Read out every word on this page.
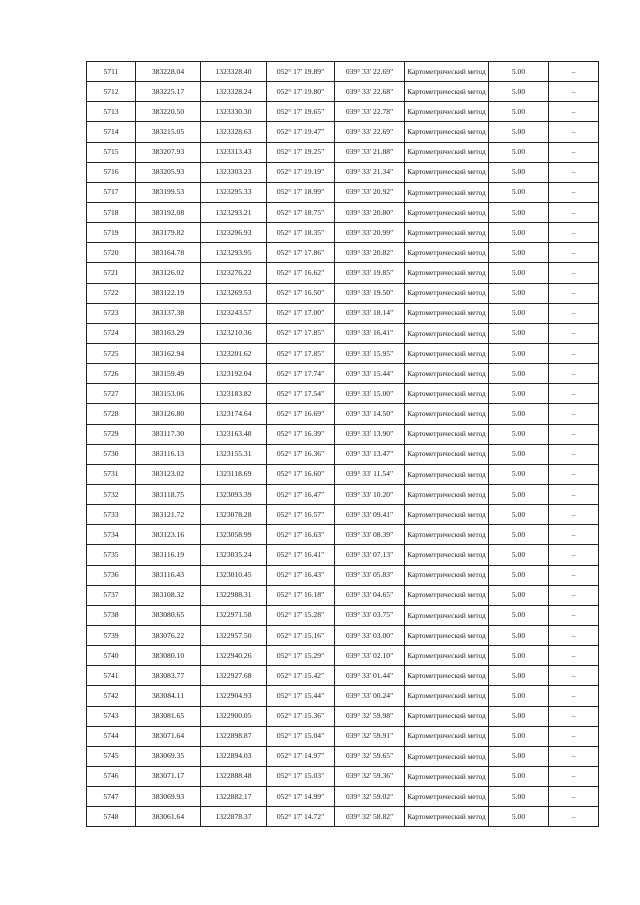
5711	383228.04	1323328.40	052° 17' 19.89"	039° 33' 22.69"	Картометрический метод	5.00	–
5712	383225.17	1323328.24	052° 17' 19.80"	039° 33' 22.68"	Картометрический метод	5.00	–
5713	383220.50	1323330.30	052° 17' 19.65"	039° 33' 22.78"	Картометрический метод	5.00	–
5714	383215.05	1323328.63	052° 17' 19.47"	039° 33' 22.69"	Картометрический метод	5.00	–
5715	383207.93	1323313.43	052° 17' 19.25"	039° 33' 21.88"	Картометрический метод	5.00	–
5716	383205.93	1323303.23	052° 17' 19.19"	039° 33' 21.34"	Картометрический метод	5.00	–
5717	383199.53	1323295.33	052° 17' 18.99"	039° 33' 20.92"	Картометрический метод	5.00	–
5718	383192.08	1323293.21	052° 17' 18.75"	039° 33' 20.80"	Картометрический метод	5.00	–
5719	383179.82	1323296.93	052° 17' 18.35"	039° 33' 20.99"	Картометрический метод	5.00	–
5720	383164.78	1323293.95	052° 17' 17.86"	039° 33' 20.82"	Картометрический метод	5.00	–
5721	383126.02	1323276.22	052° 17' 16.62"	039° 33' 19.85"	Картометрический метод	5.00	–
5722	383122.19	1323269.53	052° 17' 16.50"	039° 33' 19.50"	Картометрический метод	5.00	–
5723	383137.38	1323243.57	052° 17' 17.00"	039° 33' 18.14"	Картометрический метод	5.00	–
5724	383163.29	1323210.36	052° 17' 17.85"	039° 33' 16.41"	Картометрический метод	5.00	–
5725	383162.94	1323201.62	052° 17' 17.85"	039° 33' 15.95"	Картометрический метод	5.00	–
5726	383159.49	1323192.04	052° 17' 17.74"	039° 33' 15.44"	Картометрический метод	5.00	–
5727	383153.06	1323183.82	052° 17' 17.54"	039° 33' 15.00"	Картометрический метод	5.00	–
5728	383126.80	1323174.64	052° 17' 16.69"	039° 33' 14.50"	Картометрический метод	5.00	–
5729	383117.30	1323163.48	052° 17' 16.39"	039° 33' 13.90"	Картометрический метод	5.00	–
5730	383116.13	1323155.31	052° 17' 16.36"	039° 33' 13.47"	Картометрический метод	5.00	–
5731	383123.02	1323118.69	052° 17' 16.60"	039° 33' 11.54"	Картометрический метод	5.00	–
5732	383118.75	1323093.39	052° 17' 16.47"	039° 33' 10.20"	Картометрический метод	5.00	–
5733	383121.72	1323078.28	052° 17' 16.57"	039° 33' 09.41"	Картометрический метод	5.00	–
5734	383123.16	1323058.99	052° 17' 16.63"	039° 33' 08.39"	Картометрический метод	5.00	–
5735	383116.19	1323035.24	052° 17' 16.41"	039° 33' 07.13"	Картометрический метод	5.00	–
5736	383116.43	1323010.45	052° 17' 16.43"	039° 33' 05.83"	Картометрический метод	5.00	–
5737	383108.32	1322988.31	052° 17' 16.18"	039° 33' 04.65"	Картометрический метод	5.00	–
5738	383080.65	1322971.58	052° 17' 15.28"	039° 33' 03.75"	Картометрический метод	5.00	–
5739	383076.22	1322957.50	052° 17' 15.16"	039° 33' 03.00"	Картометрический метод	5.00	–
5740	383080.10	1322940.26	052° 17' 15.29"	039° 33' 02.10"	Картометрический метод	5.00	–
5741	383083.77	1322927.68	052° 17' 15.42"	039° 33' 01.44"	Картометрический метод	5.00	–
5742	383084.11	1322904.93	052° 17' 15.44"	039° 33' 00.24"	Картометрический метод	5.00	–
5743	383081.65	1322900.05	052° 17' 15.36"	039° 32' 59.98"	Картометрический метод	5.00	–
5744	383071.64	1322898.87	052° 17' 15.04"	039° 32' 59.91"	Картометрический метод	5.00	–
5745	383069.35	1322894.03	052° 17' 14.97"	039° 32' 59.65"	Картометрический метод	5.00	–
5746	383071.17	1322888.48	052° 17' 15.03"	039° 32' 59.36"	Картометрический метод	5.00	–
5747	383069.93	1322882.17	052° 17' 14.99"	039° 32' 59.02"	Картометрический метод	5.00	–
5748	383061.64	1322878.37	052° 17' 14.72"	039° 32' 58.82"	Картометрический метод	5.00	–
